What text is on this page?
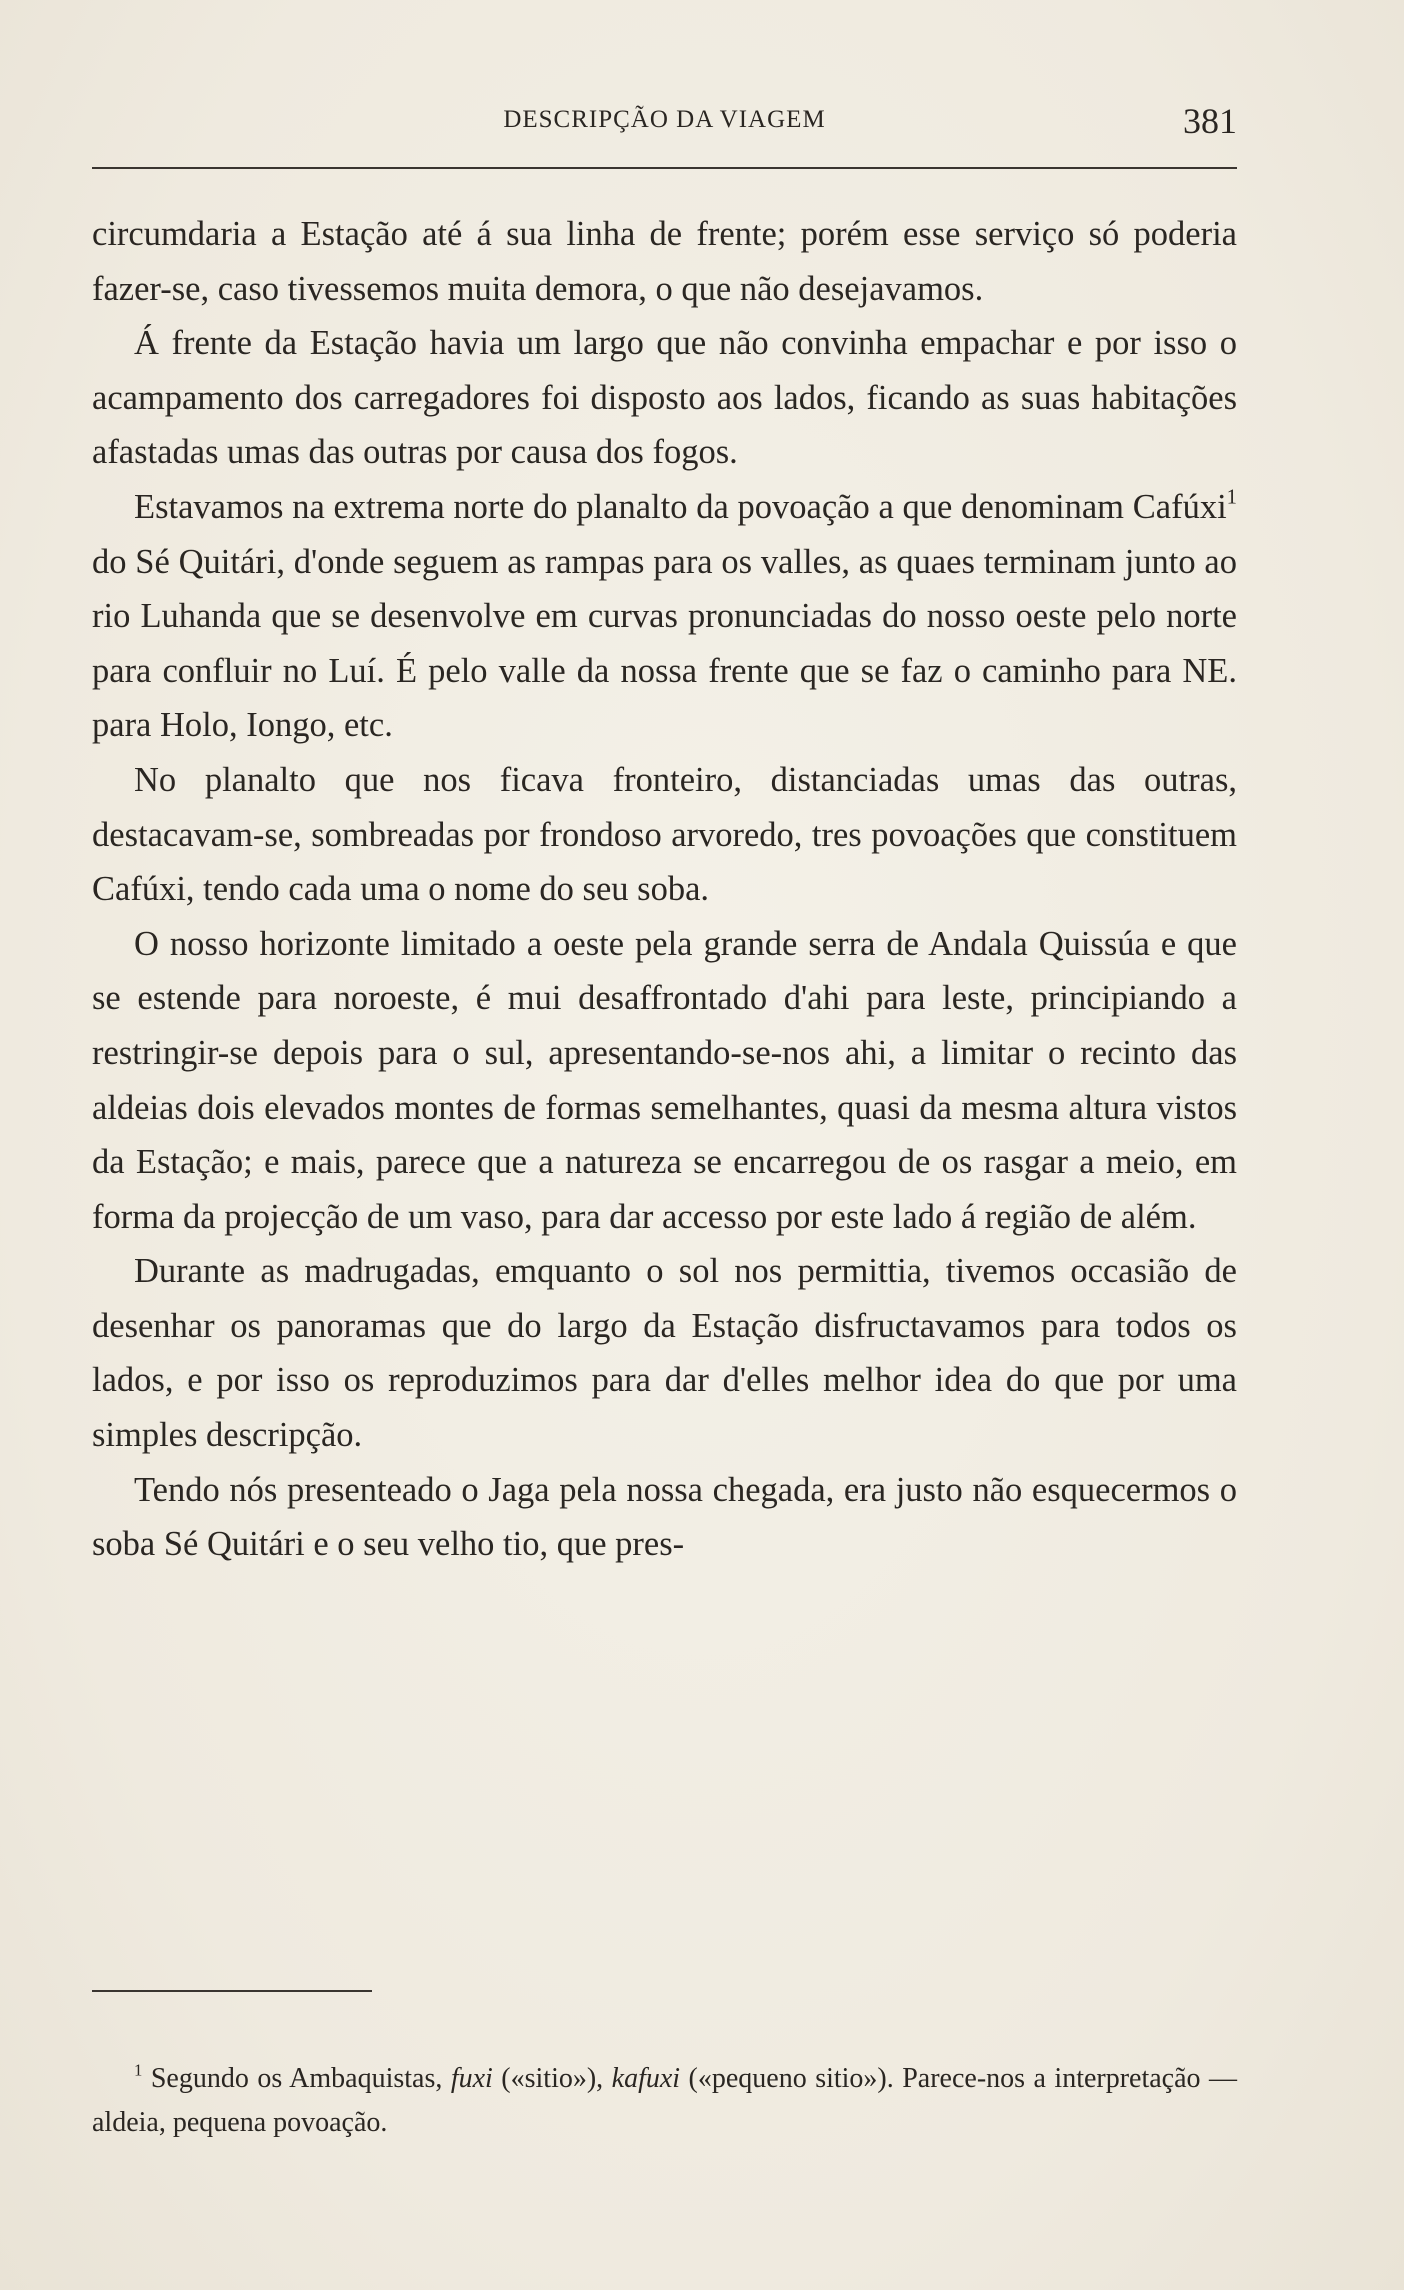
DESCRIPÇÃO DA VIAGEM	381

circumdaria a Estação até á sua linha de frente; porém esse serviço só poderia fazer-se, caso tivessemos muita demora, o que não desejavamos.

Á frente da Estação havia um largo que não convinha empachar e por isso o acampamento dos carregadores foi disposto aos lados, ficando as suas habitações afastadas umas das outras por causa dos fogos.

Estavamos na extrema norte do planalto da povoação a que denominam Cafúxi$^1$ do Sé Quitári, d'onde seguem as rampas para os valles, as quaes terminam junto ao rio Luhanda que se desenvolve em curvas pronunciadas do nosso oeste pelo norte para confluir no Luí. É pelo valle da nossa frente que se faz o caminho para NE. para Holo, Iongo, etc.

No planalto que nos ficava fronteiro, distanciadas umas das outras, destacavam-se, sombreadas por frondoso arvoredo, tres povoações que constituem Cafúxi, tendo cada uma o nome do seu soba.

O nosso horizonte limitado a oeste pela grande serra de Andala Quissúa e que se estende para noroeste, é mui desaffrontado d'ahi para leste, principiando a restringir-se depois para o sul, apresentando-se-nos ahi, a limitar o recinto das aldeias dois elevados montes de formas semelhantes, quasi da mesma altura vistos da Estação; e mais, parece que a natureza se encarregou de os rasgar a meio, em forma da projecção de um vaso, para dar accesso por este lado á região de além.

Durante as madrugadas, emquanto o sol nos permittia, tivemos occasião de desenhar os panoramas que do largo da Estação disfructavamos para todos os lados, e por isso os reproduzimos para dar d'elles melhor idea do que por uma simples descripção.

Tendo nós presenteado o Jaga pela nossa chegada, era justo não esquecermos o soba Sé Quitári e o seu velho tio, que pres-

$^1$ Segundo os Ambaquistas, fuxi («sitio»), kafuxi («pequeno sitio»). Parece-nos a interpretação — aldeia, pequena povoação.
